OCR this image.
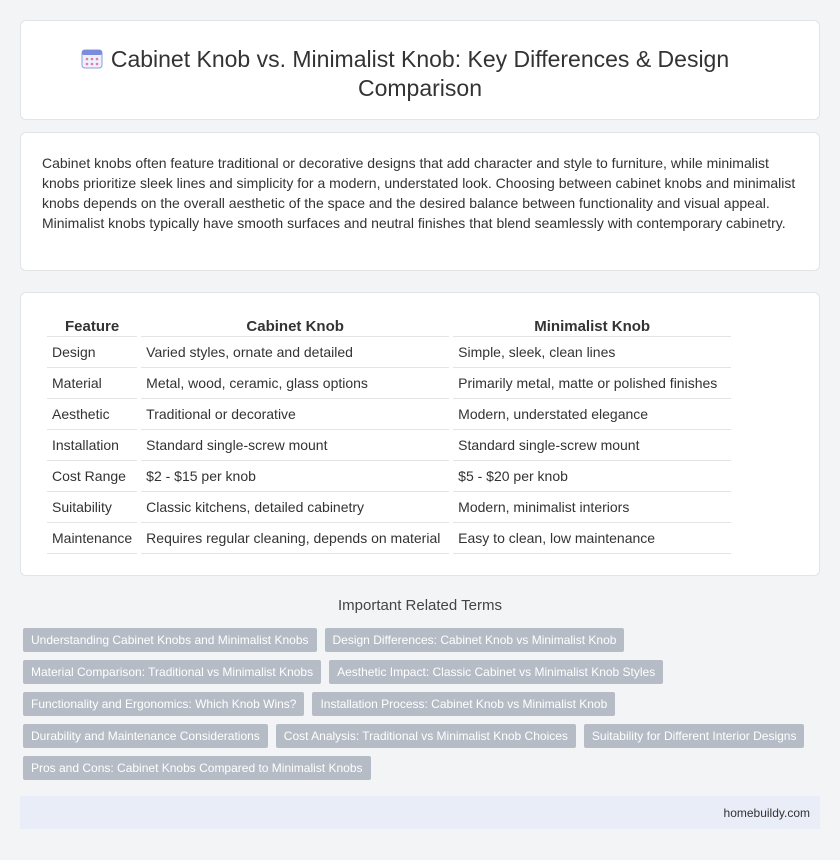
Cabinet Knob vs. Minimalist Knob: Key Differences & Design Comparison

Cabinet knobs often feature traditional or decorative designs that add character and style to furniture, while minimalist knobs prioritize sleek lines and simplicity for a modern, understated look. Choosing between cabinet knobs and minimalist knobs depends on the overall aesthetic of the space and the desired balance between functionality and visual appeal. Minimalist knobs typically have smooth surfaces and neutral finishes that blend seamlessly with contemporary cabinetry.

Feature	Cabinet Knob	Minimalist Knob
Design	Varied styles, ornate and detailed	Simple, sleek, clean lines
Material	Metal, wood, ceramic, glass options	Primarily metal, matte or polished finishes
Aesthetic	Traditional or decorative	Modern, understated elegance
Installation	Standard single-screw mount	Standard single-screw mount
Cost Range	$2 - $15 per knob	$5 - $20 per knob
Suitability	Classic kitchens, detailed cabinetry	Modern, minimalist interiors
Maintenance	Requires regular cleaning, depends on material	Easy to clean, low maintenance
Important Related Terms
Understanding Cabinet Knobs and Minimalist Knobs	Design Differences: Cabinet Knob vs Minimalist Knob
Material Comparison: Traditional vs Minimalist Knobs	Aesthetic Impact: Classic Cabinet vs Minimalist Knob Styles
Functionality and Ergonomics: Which Knob Wins?	Installation Process: Cabinet Knob vs Minimalist Knob
Durability and Maintenance Considerations	Cost Analysis: Traditional vs Minimalist Knob Choices	Suitability for Different Interior Designs
Pros and Cons: Cabinet Knobs Compared to Minimalist Knobs
homebuildy.com
